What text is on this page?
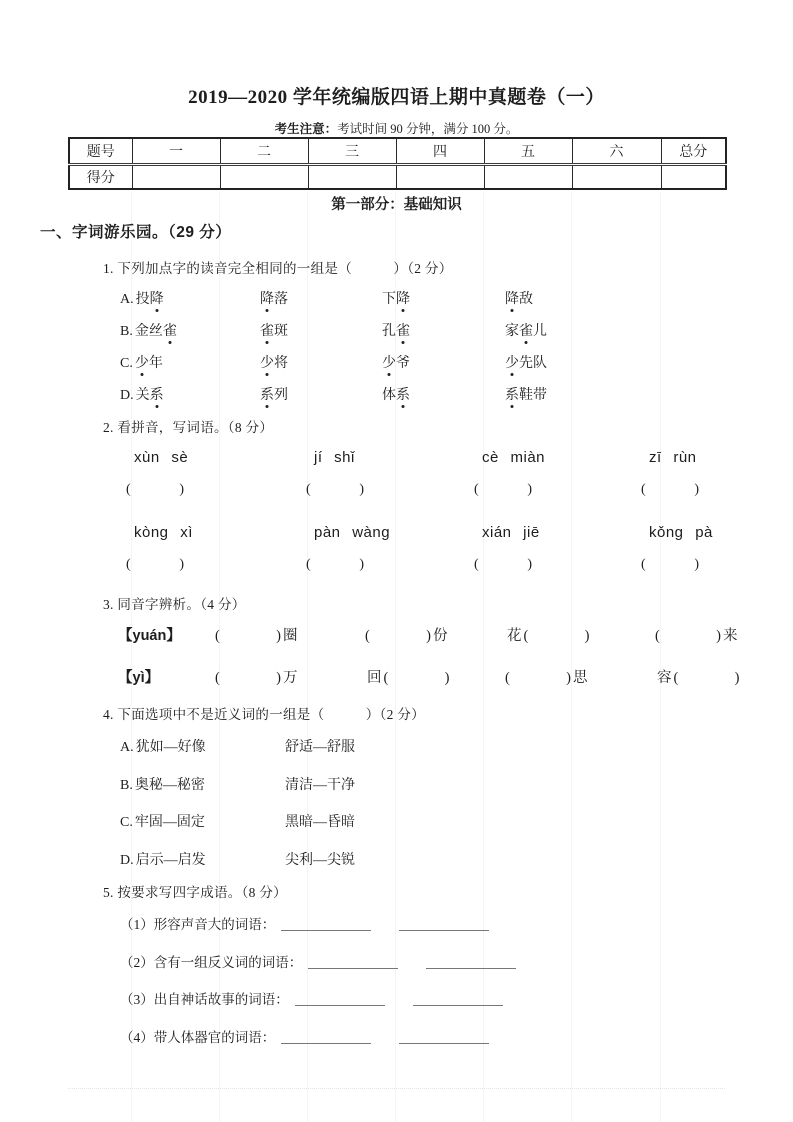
2019—2020 学年统编版四语上期中真题卷（一）
考生注意：考试时间 90 分钟，满分 100 分。
题号	一	二	三	四	五	六	总分
得分							
第一部分：基础知识
一、字词游乐园。（29 分）
1. 下列加点字的读音完全相同的一组是（　　　）（2 分）
A. 投降	降落	下降	降敌
B. 金丝雀	雀斑	孔雀	家雀儿
C. 少年	少将	少爷	少先队
D. 关系	系列	体系	系鞋带
2. 看拼音，写词语。（8 分）
xùn sè	jí shǐ	cè miàn	zī rùn
(	)	(	)	(	)	(	)
kòng xì	pàn wàng	xián jiē	kǒng pà
(	)	(	)	(	)	(	)
3. 同音字辨析。（4 分）
【yuán】	(	) 圈	(	) 份	花 (	)	(	) 来
【yì】	(	) 万	回 (	)	(	) 思	容 (	)
4. 下面选项中不是近义词的一组是（　　　）（2 分）
A. 犹如—好像	舒适—舒服
B. 奥秘—秘密	清洁—干净
C. 牢固—固定	黑暗—昏暗
D. 启示—启发	尖利—尖锐
5. 按要求写四字成语。（8 分）
（1）形容声音大的词语：
（2）含有一组反义词的词语：
（3）出自神话故事的词语：
（4）带人体器官的词语：
